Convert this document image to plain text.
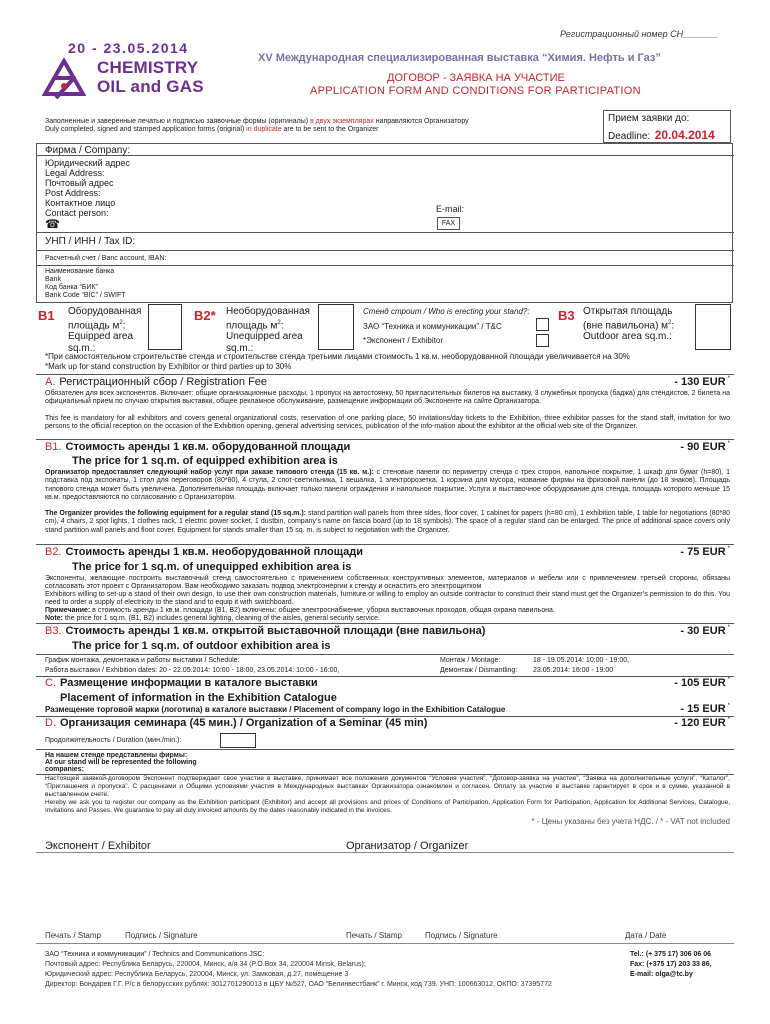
Регистрационный номер СН_______
20 - 23.05.2014
CHEMISTRY
OIL and GAS
XV Международная специализированная выставка “Химия. Нефть и Газ”
ДОГОВОР - ЗАЯВКА НА УЧАСТИЕ
APPLICATION FORM AND CONDITIONS FOR PARTICIPATION
Заполненные и заверенные печатью и подписью заявочные формы (оригиналы) в двух экземплярах направляются Организатору
Duly completed, signed and stamped application forms (original) in duplicate are to be sent to the Organizer
Прием заявки до:
Deadline: 20.04.2014
Фирма / Company:
Юридический адрес
Legal Address:
Почтовый адрес
Post Address:
Контактное лицо
Contact person:
☎
E-mail:
FAX
УНП / ИНН / Tax ID:
Расчетный счет / Banc account, IBAN:
Наименование банка
Bank
Код банка “БИК”
Bank Code “BIC” / SWIFT
B1 Оборудованная
площадь $м^2$:
Equipped area
sq.m.:
B2* Необорудованная
площадь $м^2$:
Unequipped area
sq.m.:
Стенд строит / Who is erecting your stand?:
ЗАО “Техника и коммуникации” / T&C
*Экспонент / Exhibitor
B3 Открытая площадь
(вне павильона) $м^2$:
Outdoor area sq.m.:
*При самостоятельном строительстве стенда и строительстве стенда третьими лицами стоимость 1 кв.м. необорудованной площади увеличивается на 30%
*Mark up for stand construction by Exhibitor or third parties up to 30%
A. Регистрационный сбор / Registration Fee	- 130 EUR *
Обязателен для всех экспонентов. Включает: общие организационные расходы, 1 пропуск на автостоянку, 50 пригласительных билетов на выставку, 3 служебных пропуска (баджа) для стендистов, 2 билета на официальный прием по случаю открытия выставки, общее рекламное обслуживание, размещение информации об Экспоненте на сайте Организатора.
This fee is mandatory for all exhibitors and covers general organizational costs, reservation of one parking place, 50 invitations/day tickets to the Exhibition, three exhibitor passes for the stand staff, invitation for two persons to the official reception on the occasion of the Exhibition opening, general advertising services, publication of the info-mation about the exhibitor at the official web site of the Organizer.
B1. Стоимость аренды 1 кв.м. оборудованной площади	- 90 EUR *
The price for 1 sq.m. of equipped exhibition area is
Организатор предоставляет следующий набор услуг при заказе типового стенда (15 кв. м.): с стеновые панели по периметру стенда с трех сторон, напольное покрытие, 1 шкаф для бумаг (h=80), 1 подставка под экспонаты, 1 стол для переговоров (80*80), 4 стула, 2 спот-светильника, 1 вешалка, 1 электророзетка, 1 корзина для мусора, название фирмы на фризовой панели (до 18 знаков). Площадь типового стенда может быть увеличена. Дополнительная площадь включает только панели ограждения и напольное покрытие. Услуги и выставочное оборудование для стенда, площадь которого меньше 15 кв.м. предоставляются по согласованию с Организатором.
The Organizer provides the following equipment for a regular stand (15 sq.m.): stand partition wall panels from three sides, floor cover, 1 cabinet for papers (h=80 cm), 1 exhibition table, 1 table for negotiations (80*80 cm), 4 chairs, 2 spot lights, 1 clothes rack, 1 electric power socket, 1 dustbin, company’s name on fascia board (up to 18 symbols). The space of a regular stand can be enlarged. The price of additional space covers only stand partition wall panels and floor cover. Equipment for stands smaller than 15 sq. m. is subject to negotiation with the Organizer.
B2. Стоимость аренды 1 кв.м. необорудованной площади	- 75 EUR *
The price for 1 sq.m. of unequipped exhibition area is
Экспоненты, желающие построить выставочный стенд самостоятельно с применением собственных конструктивных элементов, материалов и мебели или с привлечением третьей стороны, обязаны согласовать этот проект с Организатором. Вам необходимо заказать подвод электроэнергии к стенду и оснастить его электрощитком
Exhibitors willing to set-up a stand of their own design, to use their own construction materials, furniture or willing to employ an outside contractor to construct their stand must get the Organizer’s permission to do this. You need to order a supply of electricity to the stand and to equip it with switchboard.
Примечание: в стоимость аренды 1 кв.м. площади (B1, B2) включены: общее электроснабжение, уборка выставочных проходов, общая охрана павильона.
Note: the price for 1 sq.m. (B1, B2) includes general lighting, cleaning of the aisles, general security service.
B3. Стоимость аренды 1 кв.м. открытой выставочной площади (вне павильона)	- 30 EUR *
The price for 1 sq.m. of outdoor exhibition area is
График монтажа, демонтажа и работы выставки / Schedule:
Работа выставки / Exhibition dates: 20 - 22.05.2014: 10:00 - 18:00, 23.05.2014: 10:00 - 16:00,
Монтаж / Montage:	18 - 19.05.2014: 10:00 - 19:00,
Демонтаж / Dismantling: 23.05.2014: 16:00 - 19:00
C. Размещение информации в каталоге выставки	- 105 EUR *
Placement of information in the Exhibition Catalogue
Размещение торговой марки (логотипа) в каталоге выставки / Placement of company logo in the Exhibition Catalogue	- 15 EUR *
D. Организация семинара (45 мин.) / Organization of a Seminar (45 min)	- 120 EUR *
Продолжительность / Duration (мин./min.):
На нашем стенде представлены фирмы:
At our stand will be represented the following
companies:
Настоящей заявкой-договором Экспонент подтверждает свое участие в выставке, принимает все положения документов “Условия участия”, “Договор-заявка на участие”, “Заявка на дополнительные услуги”, “Каталог”, “Приглашения и пропуска”. С расценками и Общими условиями участия в Международных выставках Организатора ознакомлен и согласен. Оплату за участие в выставке гарантирует в срок и в сумме, указанной в выставленном счете.
Hereby we ask you to register our company as the Exhibition participant (Exhibitor) and accept all provisions and prices of Conditions of Participation, Application Form for Participation, Application for Additional Services, Catalogue, Invitations and Passes. We guarantee to pay all duly invoiced amounts by the dates reasonably indicated in the invoices.
* - Цены указаны без учета НДС. / * - VAT not included
Экспонент / Exhibitor	Организатор / Organizer
Печать / Stamp	Подпись / Signature	Печать / Stamp	Подпись / Signature	Дата / Date
ЗАО “Техника и коммуникации” / Technics and Communications JSC:
Почтовый адрес: Республика Беларусь, 220004, Минск, а/я 34 (P.O.Box 34, 220004 Minsk, Belarus);
Юридический адрес: Республика Беларусь, 220004, Минск, ул. Замковая, д.27, помещение 3
Директор: Бондарев Г.Г. Р/с в белорусских рублях: 3012701290013 в ЦБУ №527, ОАО “Белинвестбанк” г. Минск, код 739. УНП: 100663012, ОКПО: 37395772
Tel.: (+ 375 17) 306 06 06
Fax: (+375 17) 203 33 86,
E-mail: olga@tc.by
